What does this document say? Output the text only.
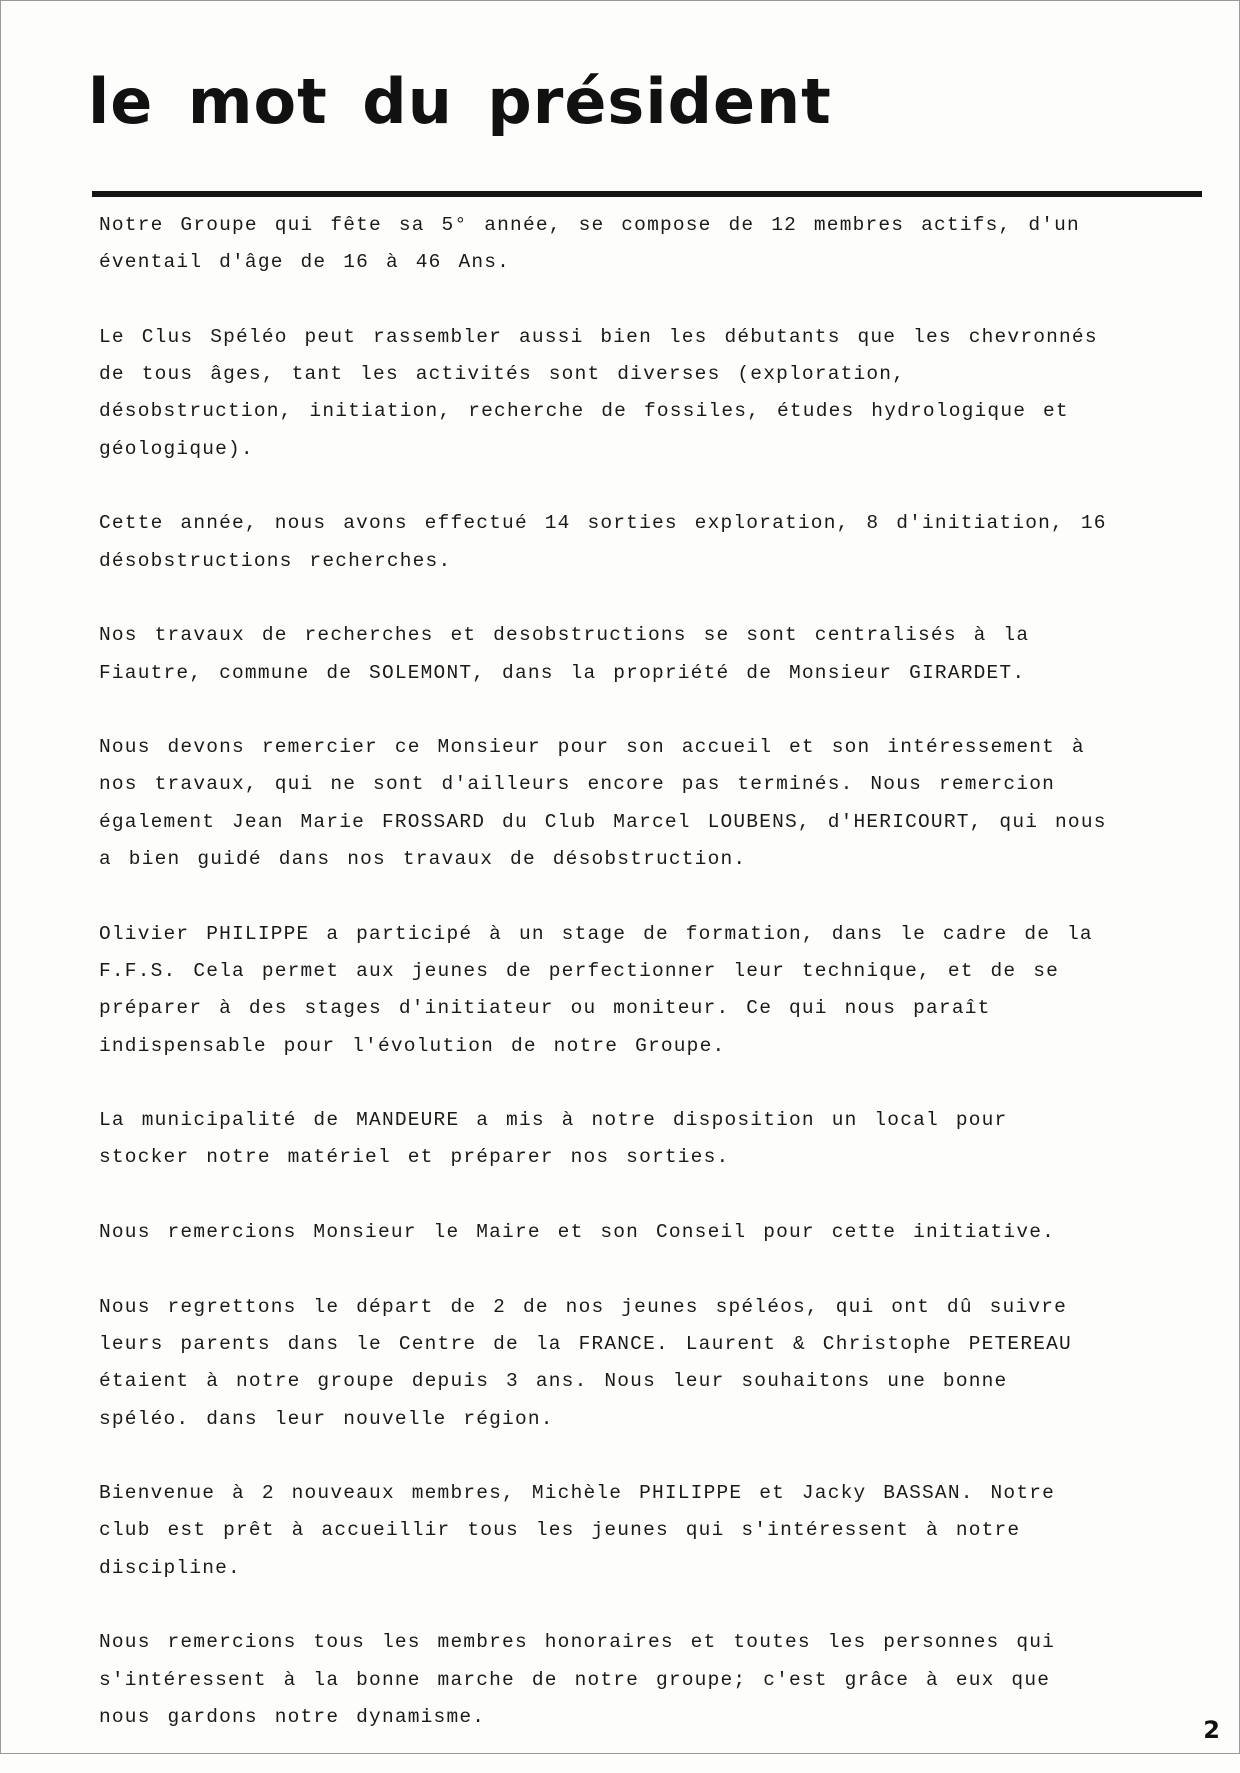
le mot du président

Notre Groupe qui fête sa 5° année, se compose de 12 membres actifs, d'un éventail d'âge de 16 à 46 Ans.

Le Clus Spéléo peut rassembler aussi bien les débutants que les chevronnés de tous âges, tant les activités sont diverses (exploration, désobstruction, initiation, recherche de fossiles, études hydrologique et géologique).

Cette année, nous avons effectué 14 sorties exploration, 8 d'initiation, 16 désobstructions recherches.

Nos travaux de recherches et desobstructions se sont centralisés à la Fiautre, commune de SOLEMONT, dans la propriété de Monsieur GIRARDET.

Nous devons remercier ce Monsieur pour son accueil et son intéressement à nos travaux, qui ne sont d'ailleurs encore pas terminés. Nous remercion également Jean Marie FROSSARD du Club Marcel LOUBENS, d'HERICOURT, qui nous a bien guidé dans nos travaux de désobstruction.

Olivier PHILIPPE a participé à un stage de formation, dans le cadre de la F.F.S. Cela permet aux jeunes de perfectionner leur technique, et de se préparer à des stages d'initiateur ou moniteur. Ce qui nous paraît indispensable pour l'évolution de notre Groupe.

La municipalité de MANDEURE a mis à notre disposition un local pour stocker notre matériel et préparer nos sorties.

Nous remercions Monsieur le Maire et son Conseil pour cette initiative.

Nous regrettons le départ de 2 de nos jeunes spéléos, qui ont dû suivre leurs parents dans le Centre de la FRANCE. Laurent & Christophe PETEREAU étaient à notre groupe depuis 3 ans. Nous leur souhaitons une bonne spéléo. dans leur nouvelle région.

Bienvenue à 2 nouveaux membres, Michèle PHILIPPE et Jacky BASSAN. Notre club est prêt à accueillir tous les jeunes qui s'intéressent à notre discipline.

Nous remercions tous les membres honoraires et toutes les personnes qui s'intéressent à la bonne marche de notre groupe; c'est grâce à eux que nous gardons notre dynamisme.	2
